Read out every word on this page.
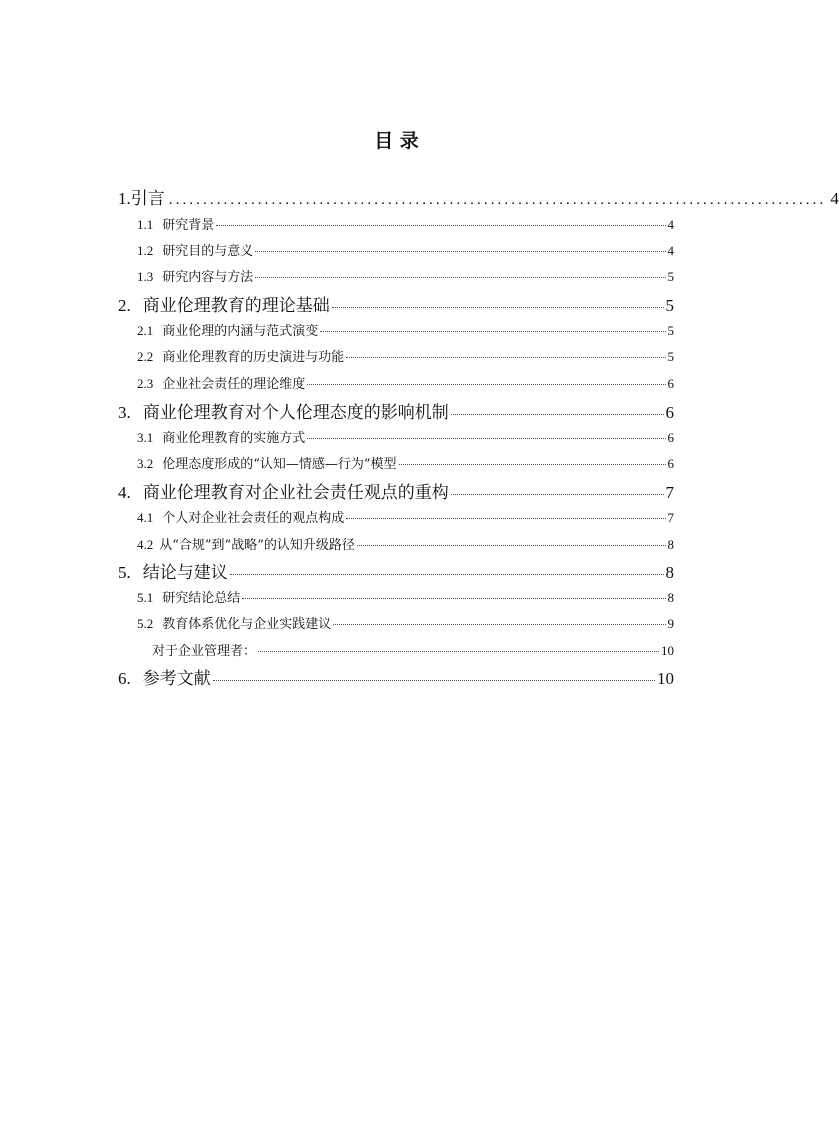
目 录
1. 引言 ................................................................................................ 4
1.1 研究背景	4
1.2 研究目的与意义	4
1.3 研究内容与方法	5
2. 商业伦理教育的理论基础	5
2.1 商业伦理的内涵与范式演变	5
2.2 商业伦理教育的历史演进与功能	5
2.3 企业社会责任的理论维度	6
3. 商业伦理教育对个人伦理态度的影响机制	6
3.1 商业伦理教育的实施方式	6
3.2 伦理态度形成的“认知—情感—行为”模型	6
4. 商业伦理教育对企业社会责任观点的重构	7
4.1 个人对企业社会责任的观点构成	7
4.2 从“合规”到“战略”的认知升级路径	8
5. 结论与建议	8
5.1 研究结论总结	8
5.2 教育体系优化与企业实践建议	9
对于企业管理者：	10
6. 参考文献	10
